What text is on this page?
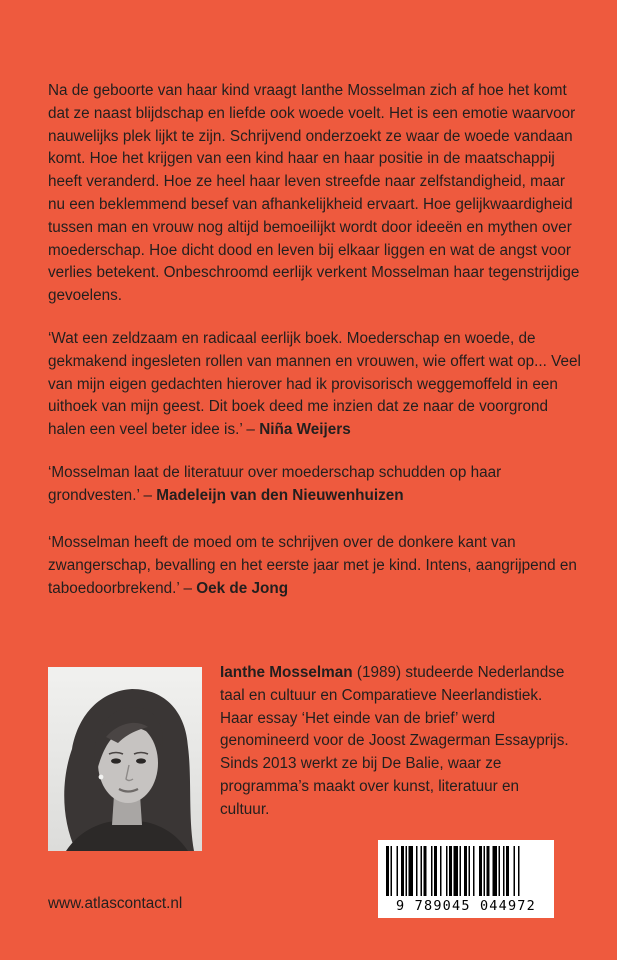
Na de geboorte van haar kind vraagt Ianthe Mosselman zich af hoe het komt dat ze naast blijdschap en liefde ook woede voelt. Het is een emotie waarvoor nauwelijks plek lijkt te zijn. Schrijvend onderzoekt ze waar de woede vandaan komt. Hoe het krijgen van een kind haar en haar positie in de maatschappij heeft veranderd. Hoe ze heel haar leven streefde naar zelfstandigheid, maar nu een beklemmend besef van afhankelijkheid ervaart. Hoe gelijkwaardigheid tussen man en vrouw nog altijd bemoeilijkt wordt door ideeën en mythen over moederschap. Hoe dicht dood en leven bij elkaar liggen en wat de angst voor verlies betekent. Onbeschroomd eerlijk verkent Mosselman haar tegenstrijdige gevoelens.

‘Wat een zeldzaam en radicaal eerlijk boek. Moederschap en woede, de gekmakend ingesleten rollen van mannen en vrouwen, wie offert wat op... Veel van mijn eigen gedachten hierover had ik provisorisch weggemoffeld in een uithoek van mijn geest. Dit boek deed me inzien dat ze naar de voorgrond halen een veel beter idee is.’ – Niña Weijers

‘Mosselman laat de literatuur over moederschap schudden op haar grondvesten.’ – Madeleijn van den Nieuwenhuizen

‘Mosselman heeft de moed om te schrijven over de donkere kant van zwangerschap, bevalling en het eerste jaar met je kind. Intens, aangrijpend en taboedoorbrekend.’ – Oek de Jong

Ianthe Mosselman (1989) studeerde Nederlandse taal en cultuur en Comparatieve Neerlandistiek. Haar essay ‘Het einde van de brief’ werd genomineerd voor de Joost Zwagerman Essayprijs. Sinds 2013 werkt ze bij De Balie, waar ze programma’s maakt over kunst, literatuur en cultuur.

9 789045 044972
www.atlascontact.nl
